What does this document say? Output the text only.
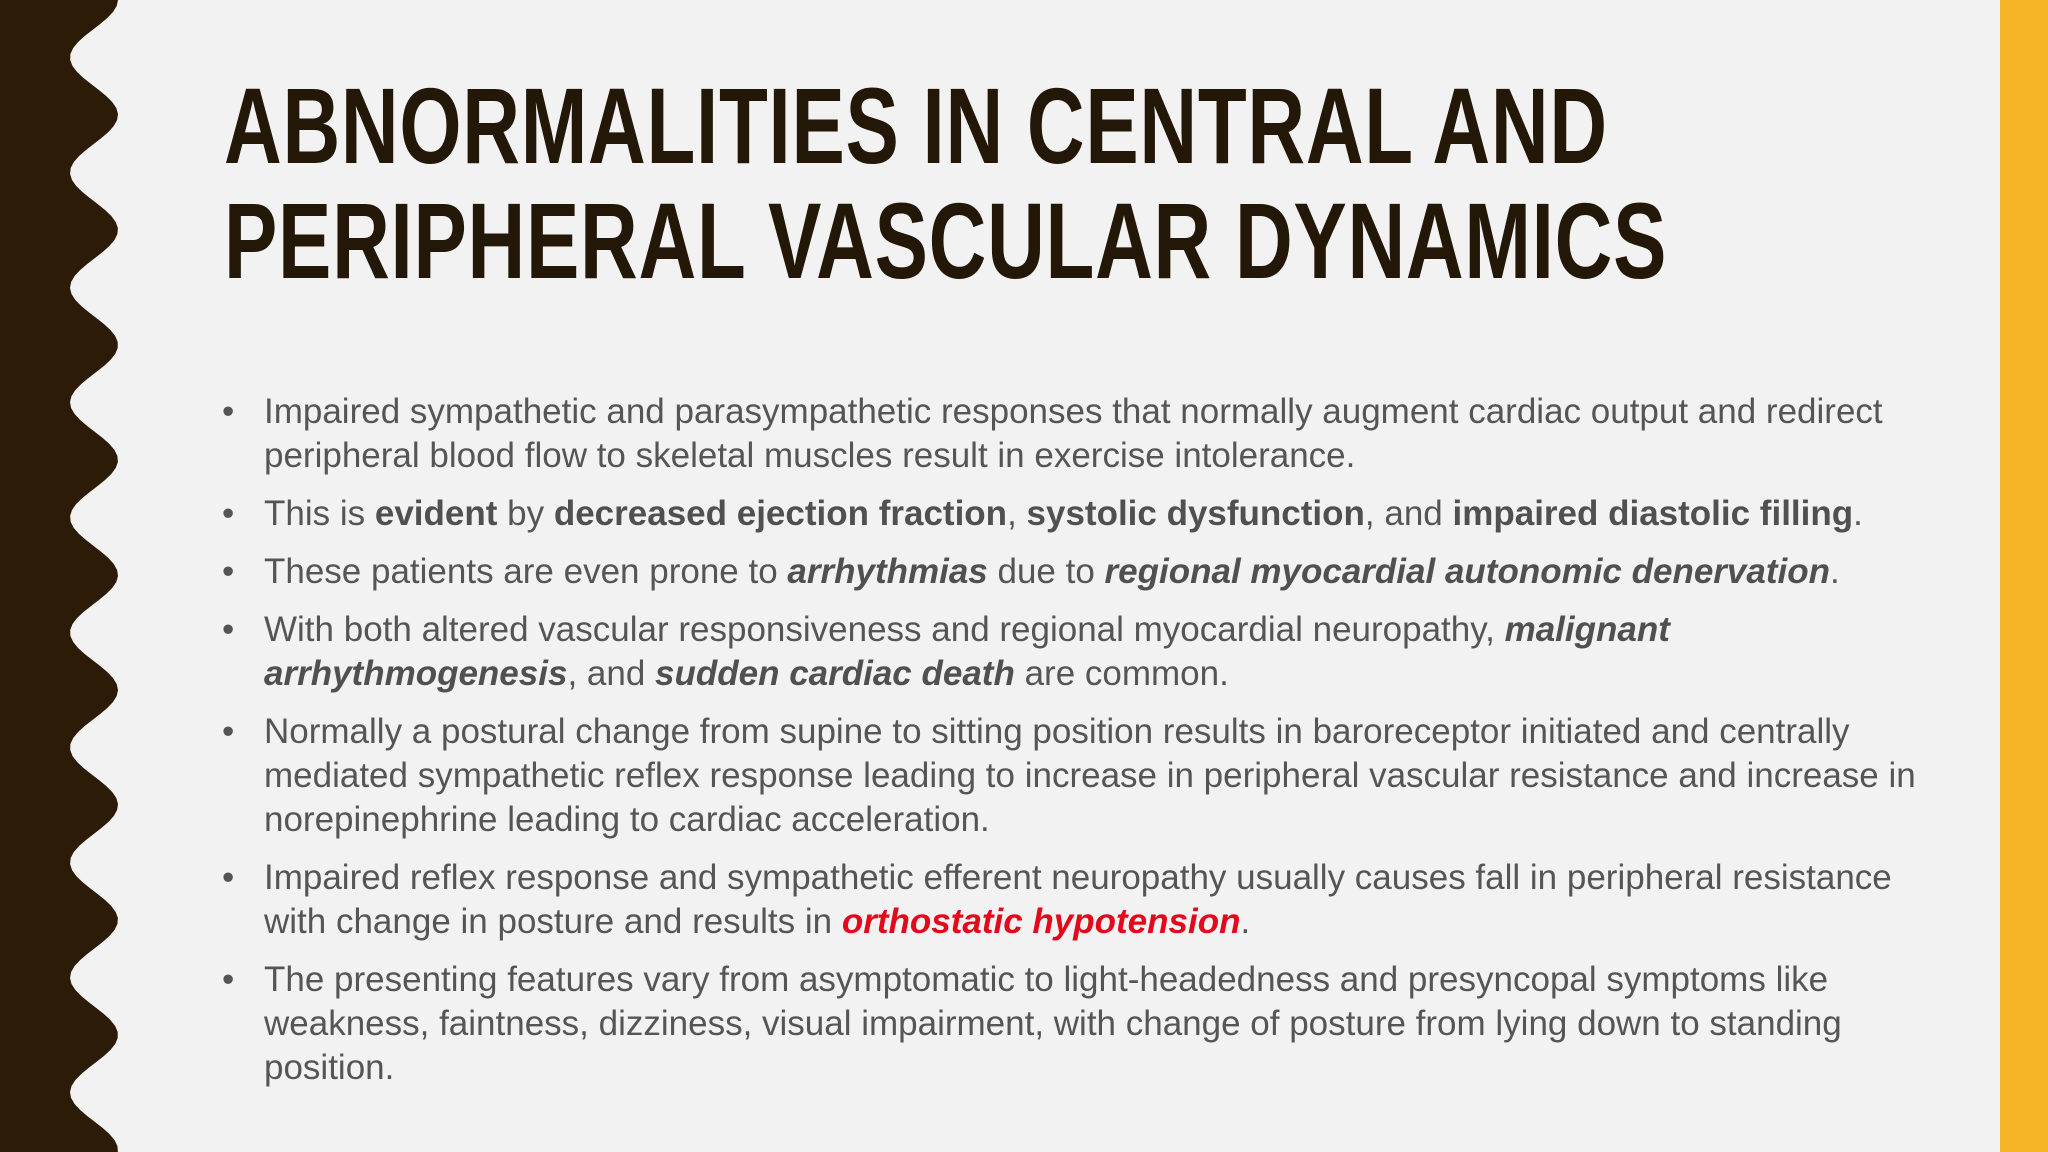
ABNORMALITIES IN CENTRAL AND
PERIPHERAL VASCULAR DYNAMICS
• Impaired sympathetic and parasympathetic responses that normally augment cardiac output and redirect peripheral blood flow to skeletal muscles result in exercise intolerance.
• This is evident by decreased ejection fraction, systolic dysfunction, and impaired diastolic filling.
• These patients are even prone to arrhythmias due to regional myocardial autonomic denervation.
• With both altered vascular responsiveness and regional myocardial neuropathy, malignant arrhythmogenesis, and sudden cardiac death are common.
• Normally a postural change from supine to sitting position results in baroreceptor initiated and centrally mediated sympathetic reflex response leading to increase in peripheral vascular resistance and increase in norepinephrine leading to cardiac acceleration.
• Impaired reflex response and sympathetic efferent neuropathy usually causes fall in peripheral resistance with change in posture and results in orthostatic hypotension.
• The presenting features vary from asymptomatic to light-headedness and presyncopal symptoms like weakness, faintness, dizziness, visual impairment, with change of posture from lying down to standing position.
